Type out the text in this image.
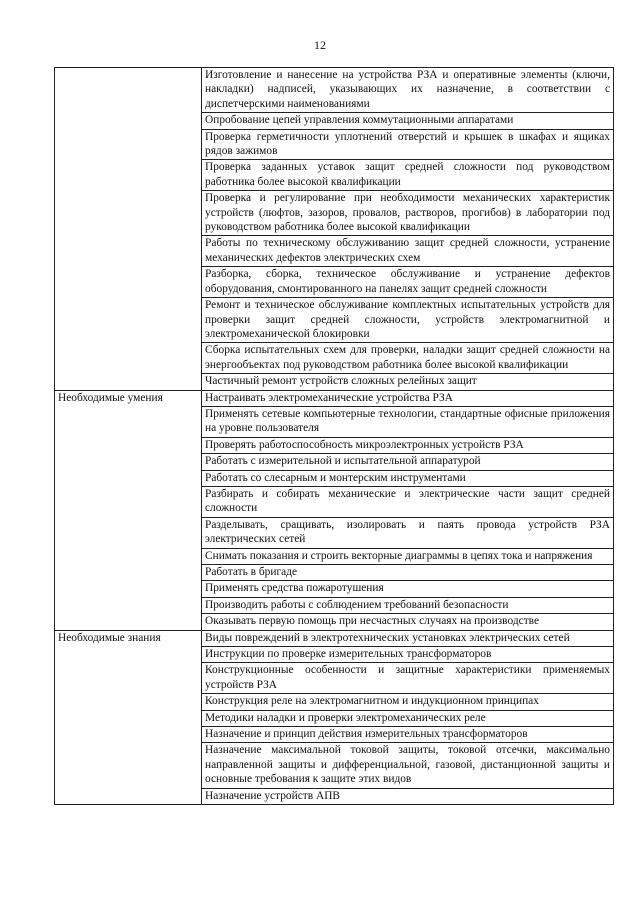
12
	Изготовление и нанесение на устройства РЗА и оперативные элементы (ключи, накладки) надписей, указывающих их назначение, в соответствии с диспетчерскими наименованиями
	Опробование цепей управления коммутационными аппаратами
	Проверка герметичности уплотнений отверстий и крышек в шкафах и ящиках рядов зажимов
	Проверка заданных уставок защит средней сложности под руководством работника более высокой квалификации
	Проверка и регулирование при необходимости механических характеристик устройств (люфтов, зазоров, провалов, растворов, прогибов) в лаборатории под руководством работника более высокой квалификации
	Работы по техническому обслуживанию защит средней сложности, устранение механических дефектов электрических схем
	Разборка, сборка, техническое обслуживание и устранение дефектов оборудования, смонтированного на панелях защит средней сложности
	Ремонт и техническое обслуживание комплектных испытательных устройств для проверки защит средней сложности, устройств электромагнитной и электромеханической блокировки
	Сборка испытательных схем для проверки, наладки защит средней сложности на энергообъектах под руководством работника более высокой квалификации
	Частичный ремонт устройств сложных релейных защит
Необходимые умения	Настраивать электромеханические устройства РЗА
	Применять сетевые компьютерные технологии, стандартные офисные приложения на уровне пользователя
	Проверять работоспособность микроэлектронных устройств РЗА
	Работать с измерительной и испытательной аппаратурой
	Работать со слесарным и монтерским инструментами
	Разбирать и собирать механические и электрические части защит средней сложности
	Разделывать, сращивать, изолировать и паять провода устройств РЗА электрических сетей
	Снимать показания и строить векторные диаграммы в цепях тока и напряжения
	Работать в бригаде
	Применять средства пожаротушения
	Производить работы с соблюдением требований безопасности
	Оказывать первую помощь при несчастных случаях на производстве
Необходимые знания	Виды повреждений в электротехнических установках электрических сетей
	Инструкции по проверке измерительных трансформаторов
	Конструкционные особенности и защитные характеристики применяемых устройств РЗА
	Конструкция реле на электромагнитном и индукционном принципах
	Методики наладки и проверки электромеханических реле
	Назначение и принцип действия измерительных трансформаторов
	Назначение максимальной токовой защиты, токовой отсечки, максимально направленной защиты и дифференциальной, газовой, дистанционной защиты и основные требования к защите этих видов
	Назначение устройств АПВ
